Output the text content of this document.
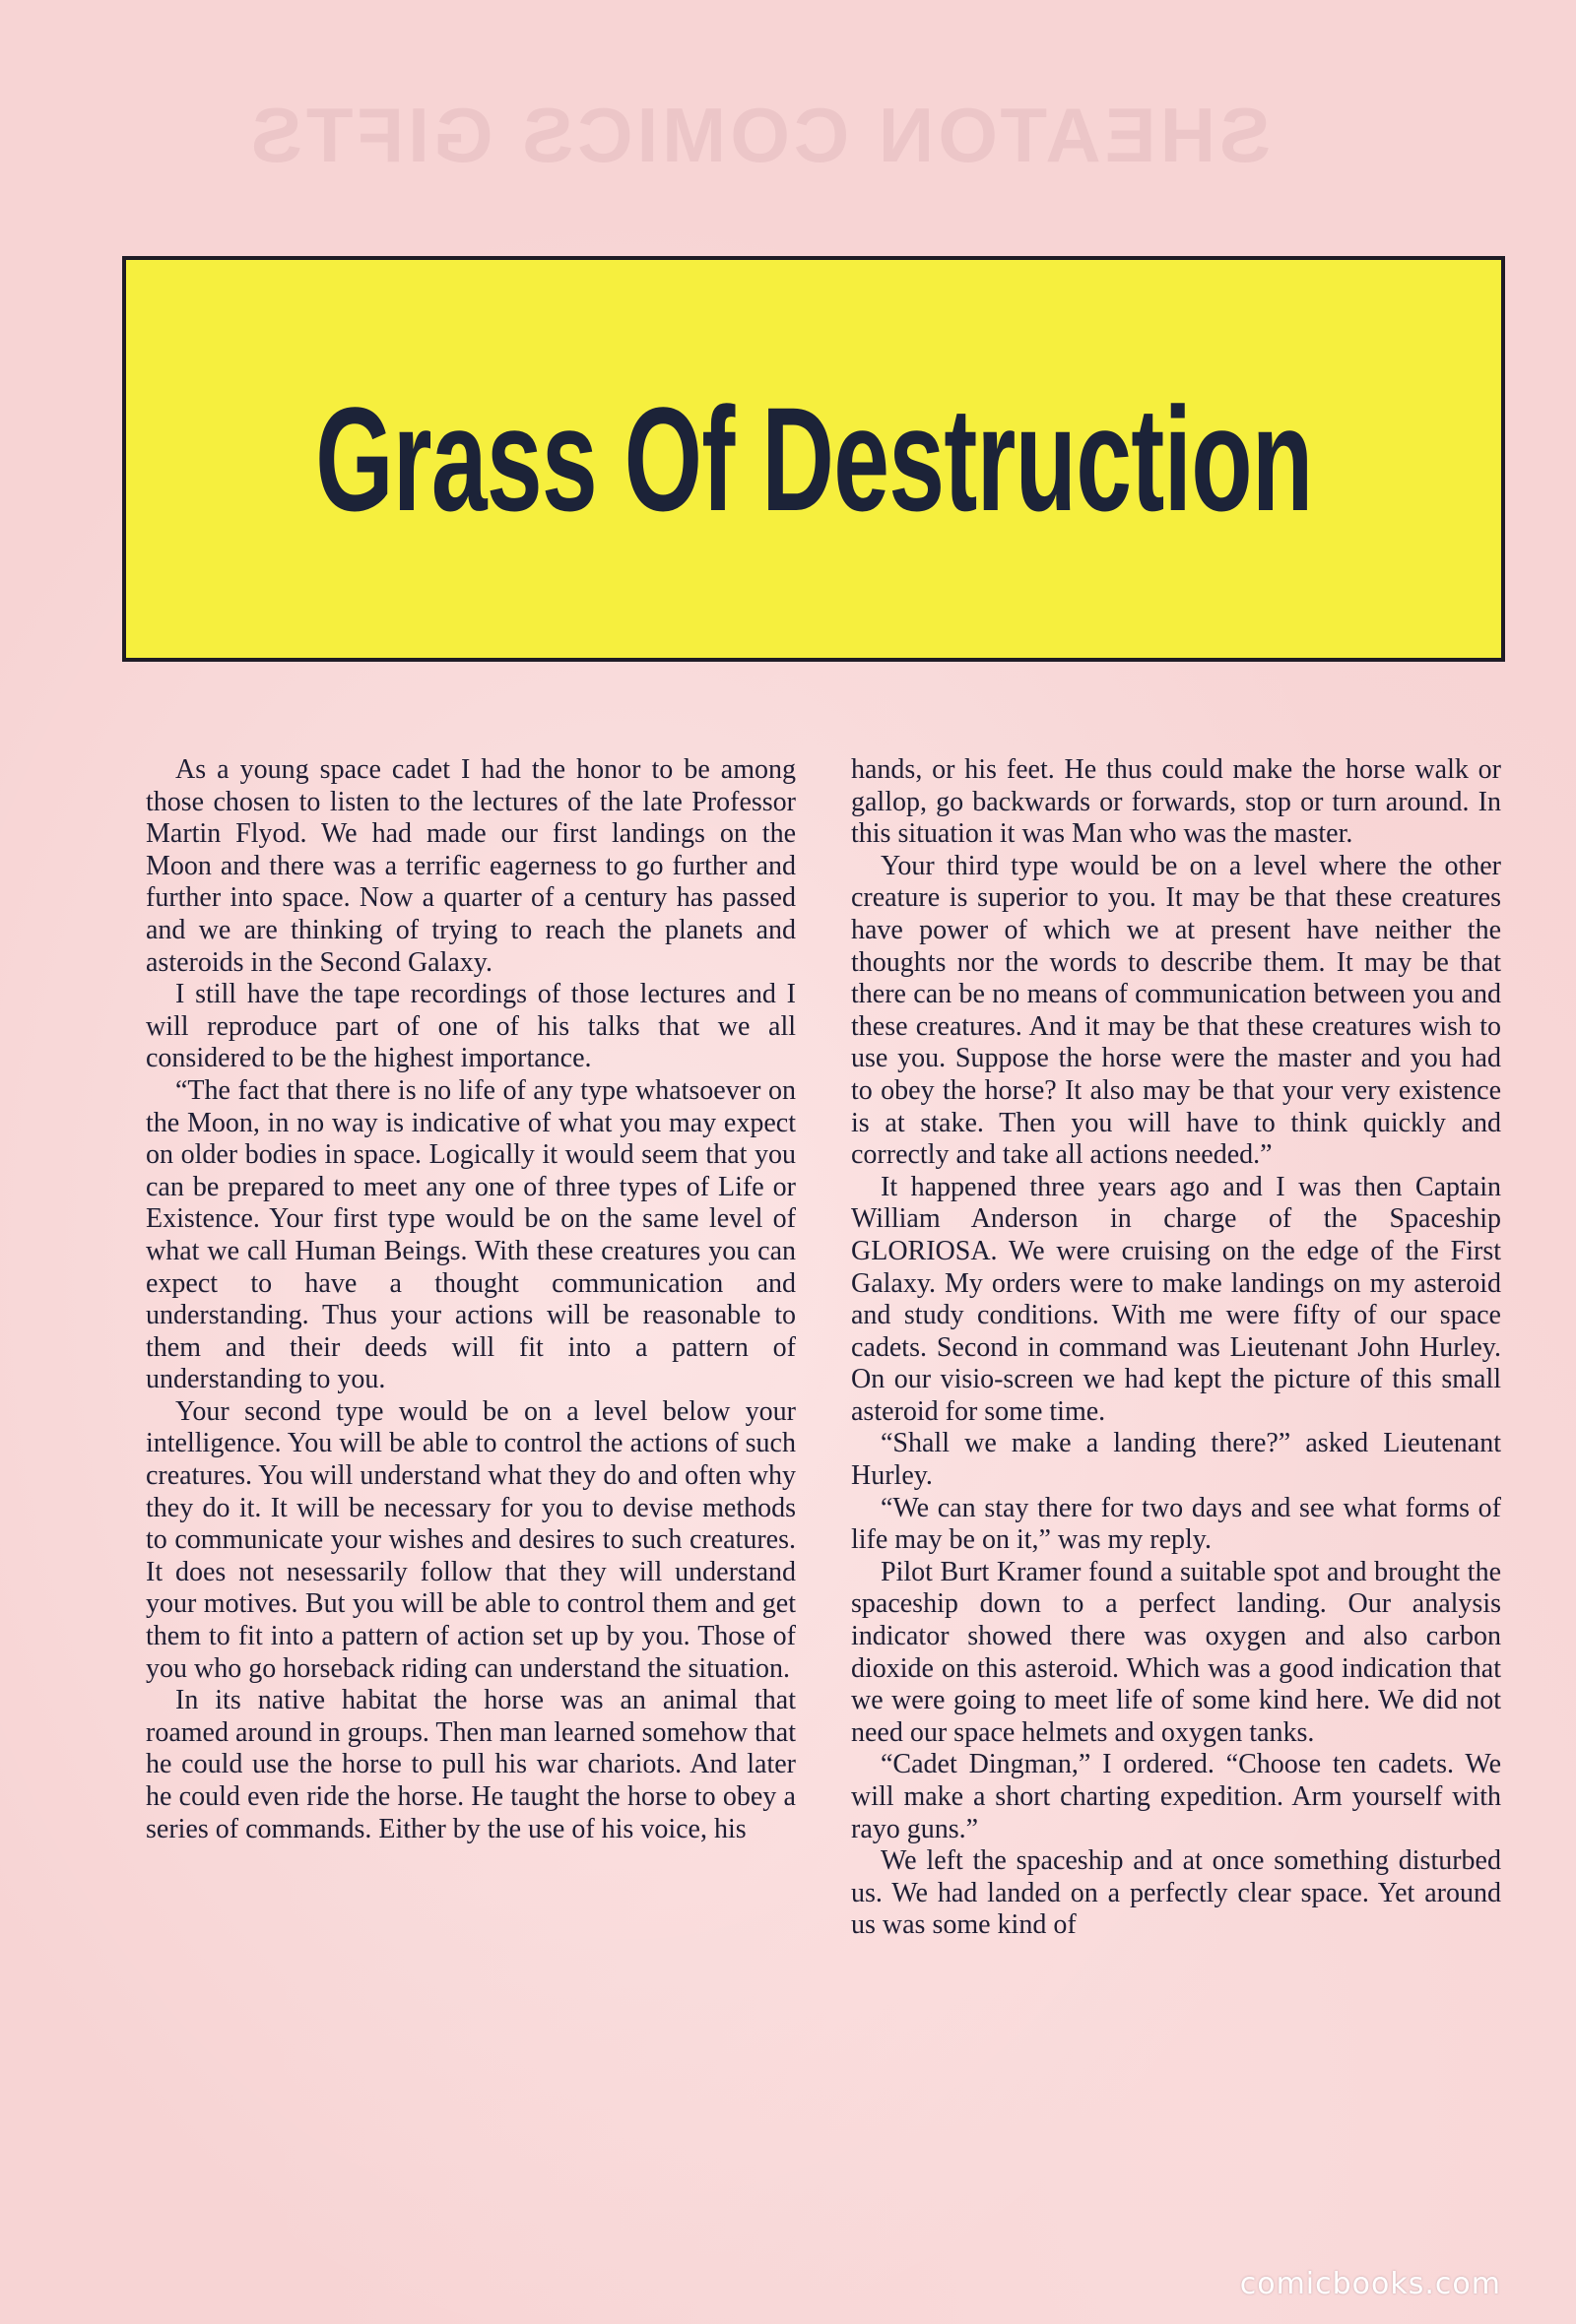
SHEATON COMICS GIFTS
Grass Of Destruction

As a young space cadet I had the honor to be among those chosen to listen to the lectures of the late Professor Martin Flyod. We had made our first landings on the Moon and there was a terrific eagerness to go further and further into space. Now a quarter of a century has passed and we are thinking of trying to reach the planets and asteroids in the Second Galaxy.

I still have the tape recordings of those lectures and I will reproduce part of one of his talks that we all considered to be the highest importance.

“The fact that there is no life of any type whatsoever on the Moon, in no way is indicative of what you may expect on older bodies in space. Logically it would seem that you can be prepared to meet any one of three types of Life or Existence. Your first type would be on the same level of what we call Human Beings. With these creatures you can expect to have a thought communication and understanding. Thus your actions will be reasonable to them and their deeds will fit into a pattern of understanding to you.

Your second type would be on a level below your intelligence. You will be able to control the actions of such creatures. You will understand what they do and often why they do it. It will be necessary for you to devise methods to communicate your wishes and desires to such creatures. It does not nesessarily follow that they will understand your motives. But you will be able to control them and get them to fit into a pattern of action set up by you. Those of you who go horseback riding can understand the situation.

In its native habitat the horse was an animal that roamed around in groups. Then man learned somehow that he could use the horse to pull his war chariots. And later he could even ride the horse. He taught the horse to obey a series of commands. Either by the use of his voice, his

hands, or his feet. He thus could make the horse walk or gallop, go backwards or forwards, stop or turn around. In this situation it was Man who was the master.

Your third type would be on a level where the other creature is superior to you. It may be that these creatures have power of which we at present have neither the thoughts nor the words to describe them. It may be that there can be no means of communication between you and these creatures. And it may be that these creatures wish to use you. Suppose the horse were the master and you had to obey the horse? It also may be that your very existence is at stake. Then you will have to think quickly and correctly and take all actions needed.”

It happened three years ago and I was then Captain William Anderson in charge of the Spaceship GLORIOSA. We were cruising on the edge of the First Galaxy. My orders were to make landings on my asteroid and study conditions. With me were fifty of our space cadets. Second in command was Lieutenant John Hurley. On our visio-screen we had kept the picture of this small asteroid for some time.

“Shall we make a landing there?” asked Lieutenant Hurley.

“We can stay there for two days and see what forms of life may be on it,” was my reply.

Pilot Burt Kramer found a suitable spot and brought the spaceship down to a perfect landing. Our analysis indicator showed there was oxygen and also carbon dioxide on this asteroid. Which was a good indication that we were going to meet life of some kind here. We did not need our space helmets and oxygen tanks.

“Cadet Dingman,” I ordered. “Choose ten cadets. We will make a short charting expedition. Arm yourself with rayo guns.”

We left the spaceship and at once something disturbed us. We had landed on a perfectly clear space. Yet around us was some kind of

comicbooks.com
